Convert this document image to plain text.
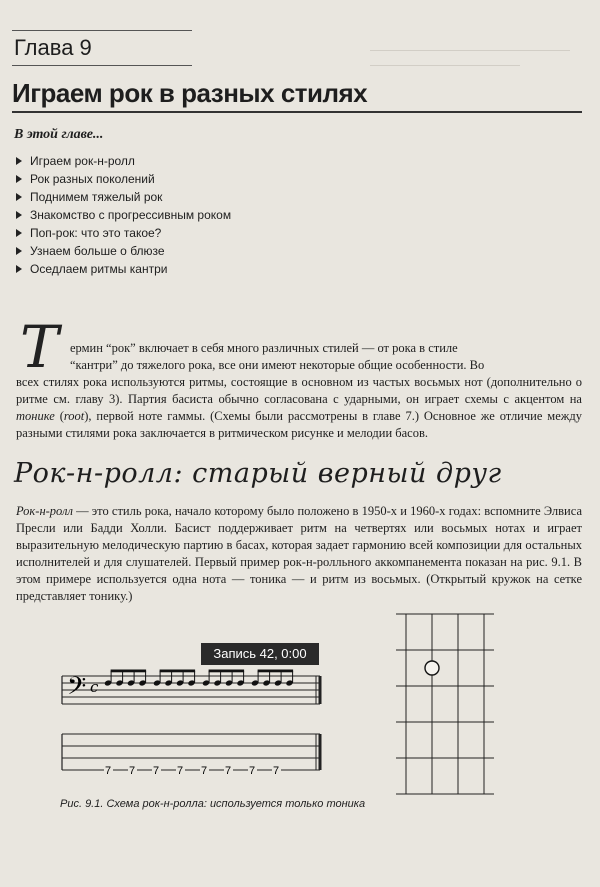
Глава 9
Играем рок в разных стилях
В этой главе...
Играем рок-н-ролл
Рок разных поколений
Поднимем тяжелый рок
Знакомство с прогрессивным роком
Поп-рок: что это такое?
Узнаем больше о блюзе
Оседлаем ритмы кантри
Т ермин “рок” включает в себя много различных стилей — от рока в стиле
“кантри” до тяжелого рока, все они имеют некоторые общие особенности. Во
всех стилях рока используются ритмы, состоящие в основном из частых восьмых нот (дополнительно о ритме см. главу 3). Партия басиста обычно согласована с ударными, он играет схемы с акцентом на тонике (root), первой ноте гаммы. (Схемы были рассмотрены в главе 7.) Основное же отличие между разными стилями рока заключается в ритмическом рисунке и мелодии басов.
Рок-н-ролл: старый верный друг
Рок-н-ролл — это стиль рока, начало которому было положено в 1950-х и 1960-х годах: вспомните Элвиса Пресли или Бадди Холли. Басист поддерживает ритм на четвертях или восьмых нотах и играет выразительную мелодическую партию в басах, которая задает гармонию всей композиции для остальных исполнителей и для слушателей. Первый пример рок-н-ролльного аккомпанемента показан на рис. 9.1. В этом примере используется одна нота — тоника — и ритм из восьмых. (Открытый кружок на сетке представляет тонику.)
Запись 42, 0:00
𝄢 c
7 7 7 7 7 7 7 7
Рис. 9.1. Схема рок-н-ролла: используется только тоника
